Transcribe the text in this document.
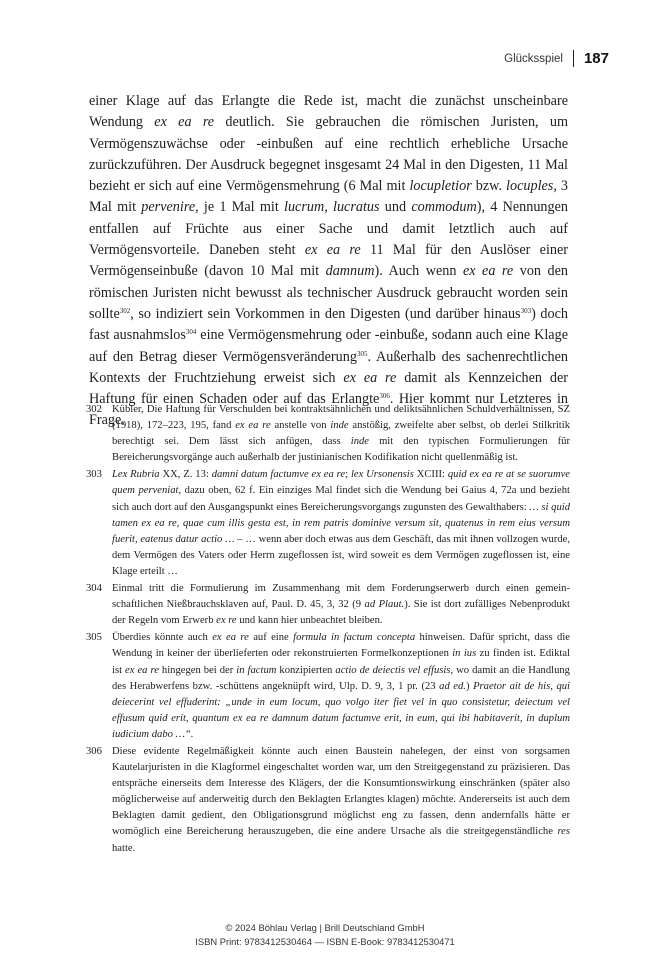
Glücksspiel 187
einer Klage auf das Erlangte die Rede ist, macht die zunächst unscheinbare Wendung ex ea re deutlich. Sie gebrauchen die römischen Juristen, um Vermögenszuwächse oder -einbußen auf eine rechtlich erhebliche Ursache zurückzuführen. Der Ausdruck begegnet insgesamt 24 Mal in den Digesten, 11 Mal bezieht er sich auf eine Vermögensmehrung (6 Mal mit locupletior bzw. locuples, 3 Mal mit pervenire, je 1 Mal mit lucrum, lucratus und commodum), 4 Nennungen entfallen auf Früchte aus einer Sache und damit letztlich auch auf Vermögensvorteile. Daneben steht ex ea re 11 Mal für den Auslöser einer Vermögenseinbuße (davon 10 Mal mit damnum). Auch wenn ex ea re von den römischen Juristen nicht bewusst als technischer Ausdruck gebraucht worden sein sollte$^{302}$, so indiziert sein Vorkommen in den Digesten (und darüber hinaus$^{303}$) doch fast ausnahmslos$^{304}$ eine Vermögensmehrung oder -einbuße, sodann auch eine Klage auf den Betrag dieser Vermögensveränderung$^{305}$. Außerhalb des sachenrechtlichen Kontexts der Fruchtziehung erweist sich ex ea re damit als Kennzeichen der Haftung für einen Schaden oder auf das Erlangte$^{306}$. Hier kommt nur Letzteres in Frage.
302 Kübler, Die Haftung für Verschulden bei kontraktsähnlichen und deliktsähnlichen Schuldverhältnissen, SZ (1918), 172–223, 195, fand ex ea re anstelle von inde anstößig, zweifelte aber selbst, ob derlei Stilkritik berechtigt sei. Dem lässt sich anfügen, dass inde mit den typischen Formulierungen für Bereicherungsvorgänge auch außerhalb der justinianischen Kodifikation nicht quellenmäßig ist.
303 Lex Rubria XX, Z. 13: damni datum factumve ex ea re; lex Ursonensis XCIII: quid ex ea re at se suorumve quem perveniat, dazu oben, 62 f. Ein einziges Mal findet sich die Wendung bei Gaius 4, 72a und bezieht sich auch dort auf den Ausgangspunkt eines Bereicherungsvorgangs zugunsten des Gewalthabers: … si quid tamen ex ea re, quae cum illis gesta est, in rem patris dominive versum sit, quatenus in rem eius versum fuerit, eatenus datur actio … – … wenn aber doch etwas aus dem Geschäft, das mit ihnen vollzogen wurde, dem Vermögen des Vaters oder Herrn zugeflossen ist, wird soweit es dem Vermögen zugeflossen ist, eine Klage erteilt …
304 Einmal tritt die Formulierung im Zusammenhang mit dem Forderungserwerb durch einen gemeinschaftlichen Nießbrauchsklaven auf, Paul. D. 45, 3, 32 (9 ad Plaut.). Sie ist dort zufälliges Nebenprodukt der Regeln vom Erwerb ex re und kann hier unbeachtet bleiben.
305 Überdies könnte auch ex ea re auf eine formula in factum concepta hinweisen. Dafür spricht, dass die Wendung in keiner der überlieferten oder rekonstruierten Formelkonzeptionen in ius zu finden ist. Ediktal ist ex ea re hingegen bei der in factum konzipierten actio de deiectis vel effusis, wo damit an die Handlung des Herabwerfens bzw. -schüttens angeknüpft wird, Ulp. D. 9, 3, 1 pr. (23 ad ed.) Praetor ait de his, qui deiecerint vel effuderint: „unde in eum locum, quo volgo iter fiet vel in quo consistetur, deiectum vel effusum quid erit, quantum ex ea re damnum datum factumve erit, in eum, qui ibi habitaverit, in duplum iudicium dabo …“.
306 Diese evidente Regelmäßigkeit könnte auch einen Baustein nahelegen, der einst von sorgsamen Kautelarjuristen in die Klagformel eingeschaltet worden war, um den Streitgegenstand zu präzisieren. Das entspräche einerseits dem Interesse des Klägers, der die Konsumtionswirkung einschränken (später also möglicherweise auf anderweitig durch den Beklagten Erlangtes klagen) möchte. Andererseits ist auch dem Beklagten damit gedient, den Obligationsgrund möglichst eng zu fassen, denn andernfalls hätte er womöglich eine Bereicherung herauszugeben, die eine andere Ursache als die streitgegenständliche res hatte.
© 2024 Böhlau Verlag | Brill Deutschland GmbH
ISBN Print: 9783412530464 — ISBN E-Book: 9783412530471
